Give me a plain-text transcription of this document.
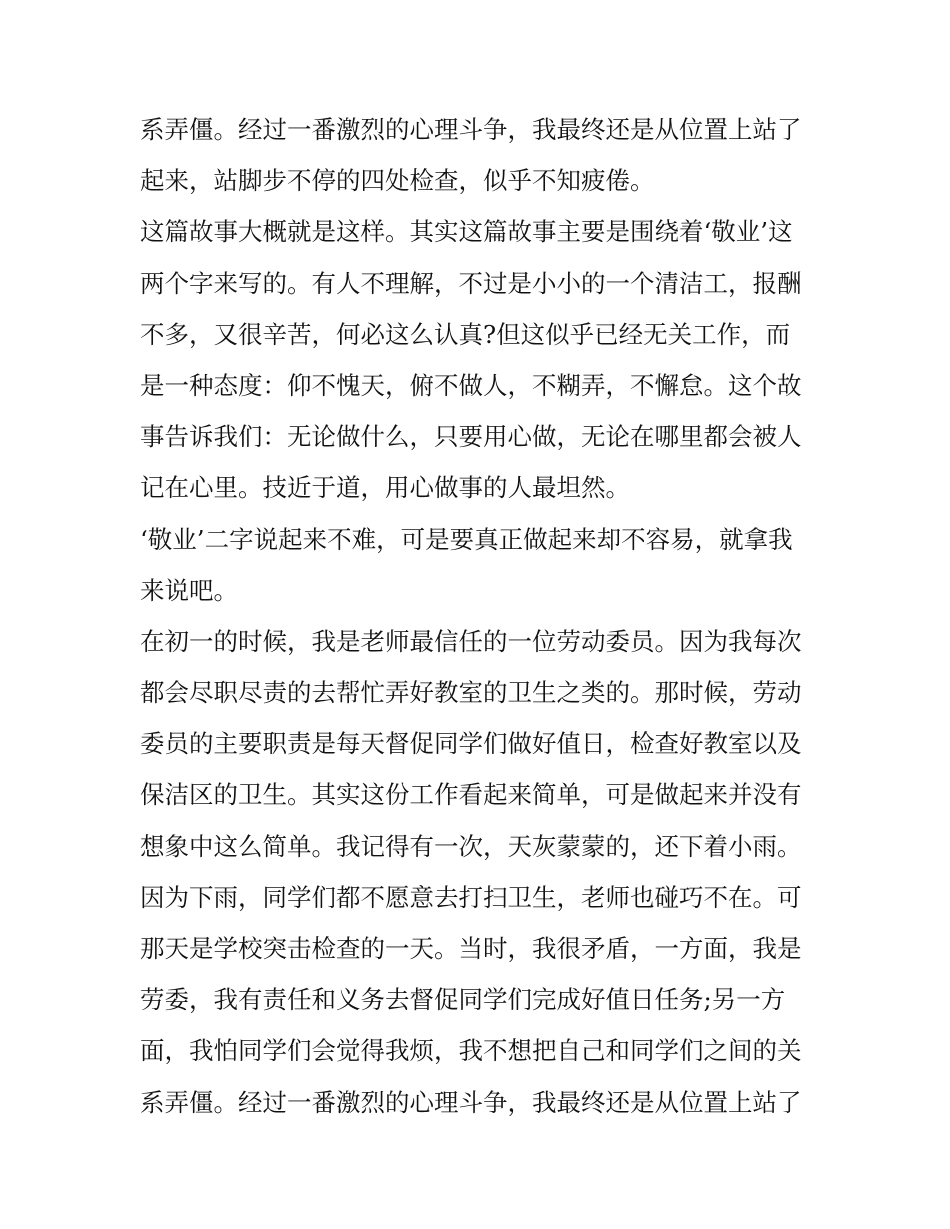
系弄僵。经过一番激烈的心理斗争，我最终还是从位置上站了
起来，站脚步不停的四处检查，似乎不知疲倦。
这篇故事大概就是这样。其实这篇故事主要是围绕着‘敬业’这
两个字来写的。有人不理解，不过是小小的一个清洁工，报酬
不多，又很辛苦，何必这么认真?但这似乎已经无关工作，而
是一种态度：仰不愧天，俯不做人，不糊弄，不懈怠。这个故
事告诉我们：无论做什么，只要用心做，无论在哪里都会被人
记在心里。技近于道，用心做事的人最坦然。
‘敬业’二字说起来不难，可是要真正做起来却不容易，就拿我
来说吧。
在初一的时候，我是老师最信任的一位劳动委员。因为我每次
都会尽职尽责的去帮忙弄好教室的卫生之类的。那时候，劳动
委员的主要职责是每天督促同学们做好值日，检查好教室以及
保洁区的卫生。其实这份工作看起来简单，可是做起来并没有
想象中这么简单。我记得有一次，天灰蒙蒙的，还下着小雨。
因为下雨，同学们都不愿意去打扫卫生，老师也碰巧不在。可
那天是学校突击检查的一天。当时，我很矛盾，一方面，我是
劳委，我有责任和义务去督促同学们完成好值日任务;另一方
面，我怕同学们会觉得我烦，我不想把自己和同学们之间的关
系弄僵。经过一番激烈的心理斗争，我最终还是从位置上站了
